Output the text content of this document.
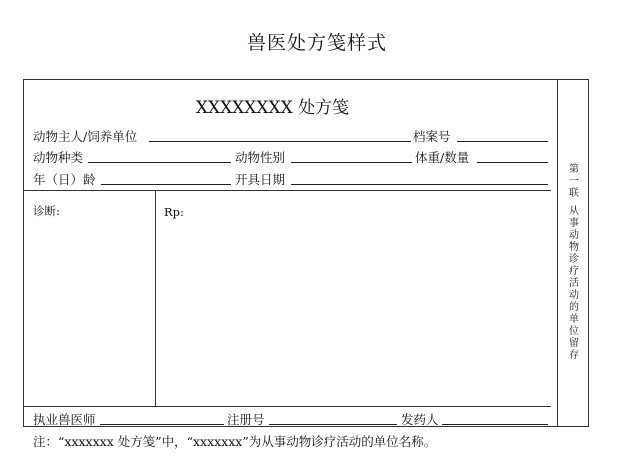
兽医处方笺样式
XXXXXXXX 处方笺
动物主人/饲养单位	档案号
动物种类	动物性别	体重/数量
年（日）龄	开具日期
诊断:	Rp:
执业兽医师	注册号	发药人
第
一
联
从
事
动
物
诊
疗
活
动
的
单
位
留
存
注：“xxxxxxx 处方笺”中，“xxxxxxx”为从事动物诊疗活动的单位名称。
